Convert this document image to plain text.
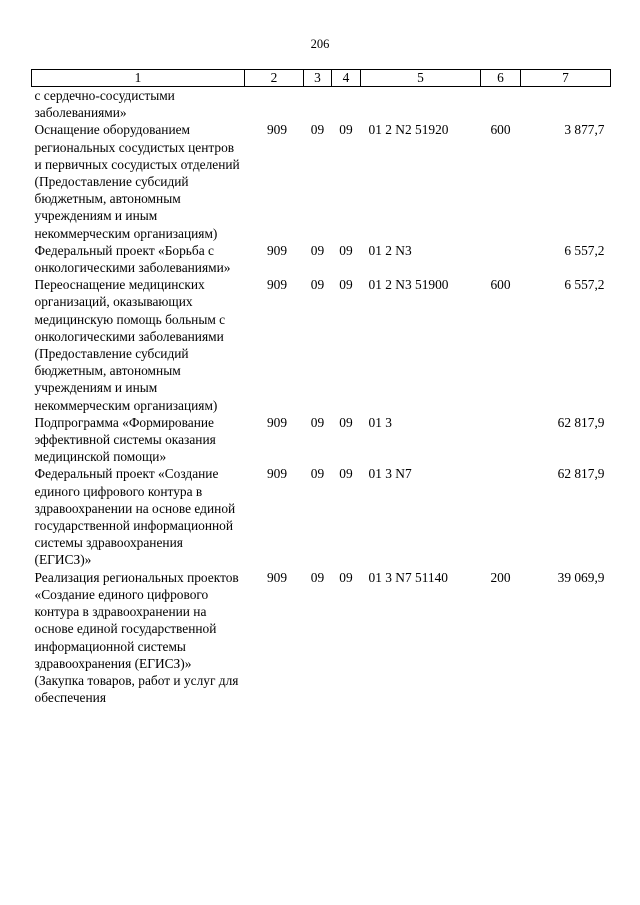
206
1	2	3	4	5	6	7
с сердечно-сосудистыми заболеваниями»						
Оснащение оборудованием региональных сосудистых центров и первичных сосудистых отделений (Предоставление субсидий бюджетным, автономным учреждениям и иным некоммерческим организациям)	909	09	09	01 2 N2 51920	600	3 877,7
Федеральный проект «Борьба с онкологическими заболеваниями»	909	09	09	01 2 N3		6 557,2
Переоснащение медицинских организаций, оказывающих медицинскую помощь больным с онкологическими заболеваниями (Предоставление субсидий бюджетным, автономным учреждениям и иным некоммерческим организациям)	909	09	09	01 2 N3 51900	600	6 557,2
Подпрограмма «Формирование эффективной системы оказания медицинской помощи»	909	09	09	01 3		62 817,9
Федеральный проект «Создание единого цифрового контура в здравоохранении на основе единой государственной информационной системы здравоохранения (ЕГИСЗ)»	909	09	09	01 3 N7		62 817,9
Реализация региональных проектов «Создание единого цифрового контура в здравоохранении на основе единой государственной информационной системы здравоохранения (ЕГИСЗ)» (Закупка товаров, работ и услуг для обеспечения	909	09	09	01 3 N7 51140	200	39 069,9
